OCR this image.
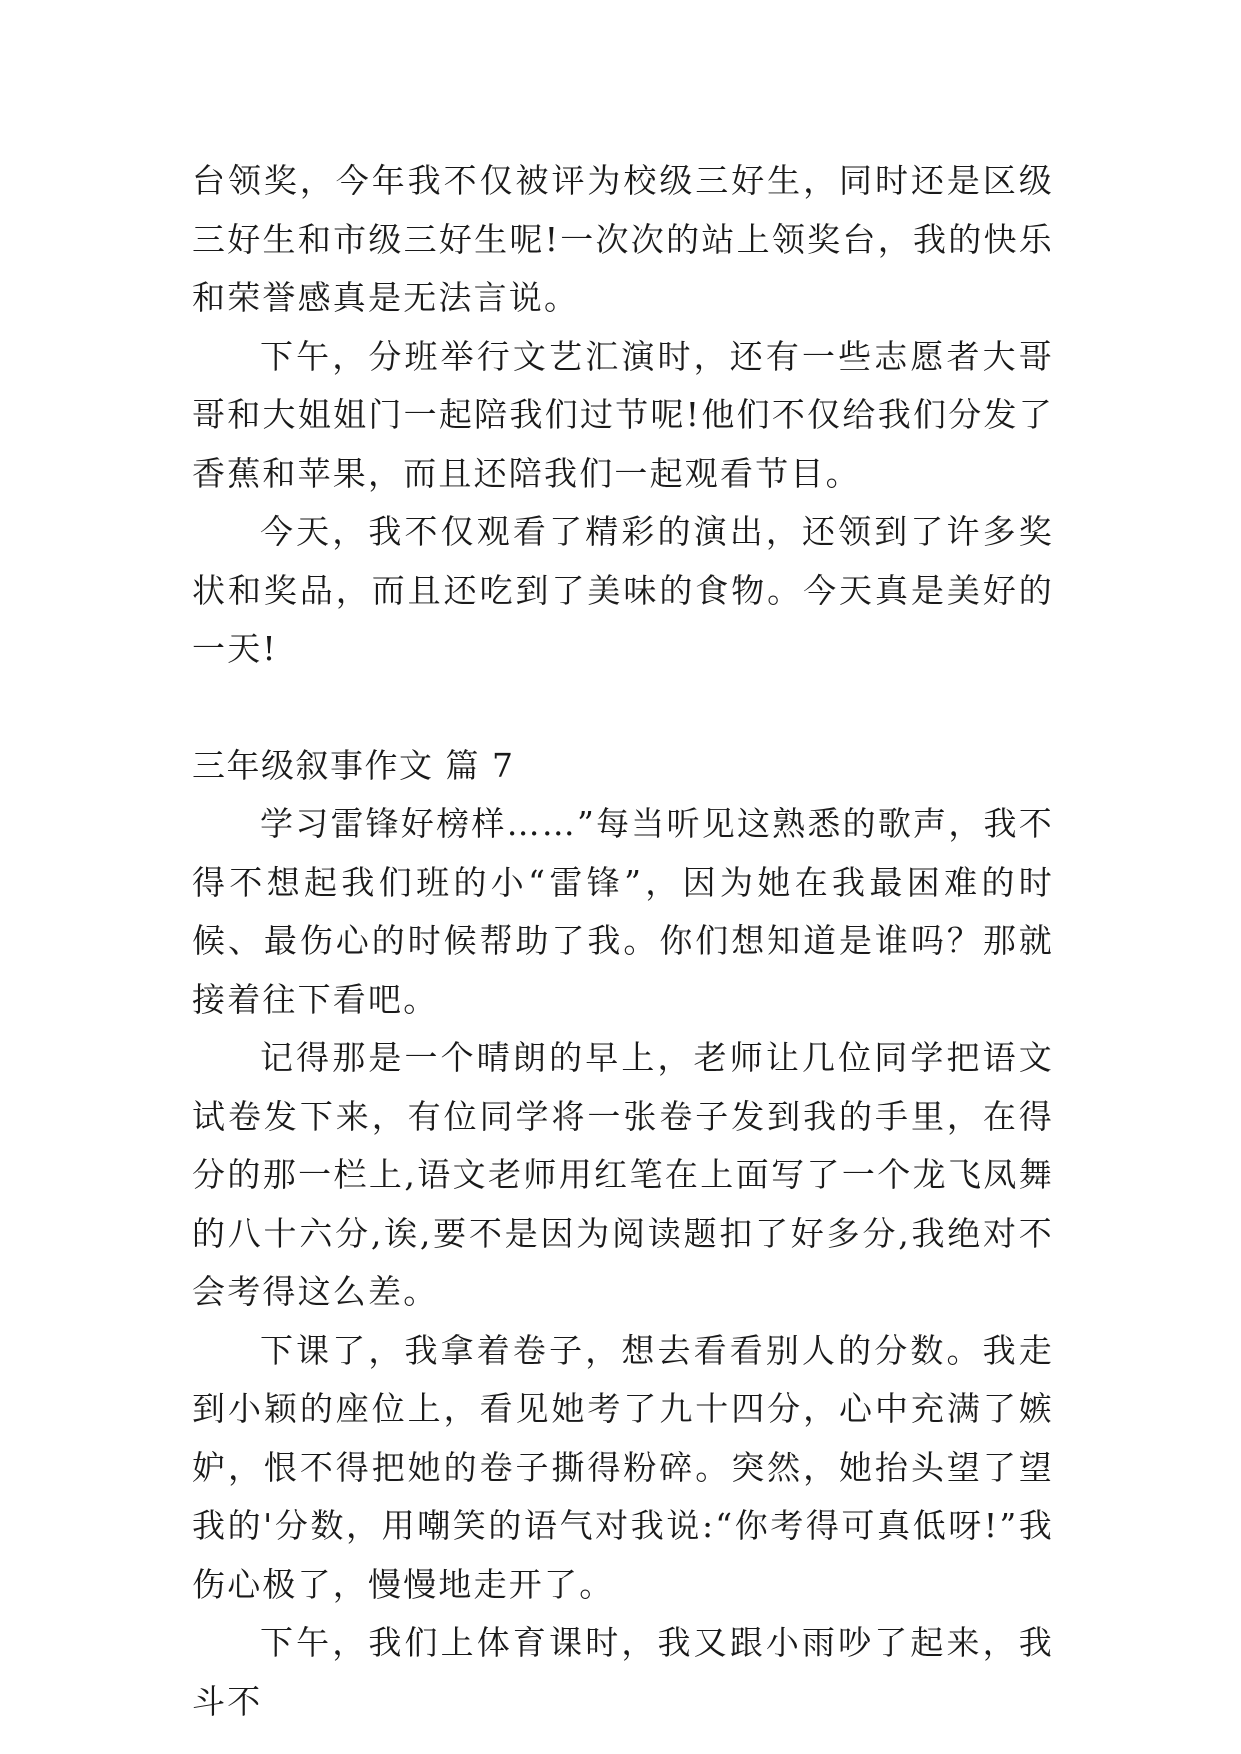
台领奖，今年我不仅被评为校级三好生，同时还是区级三好生和市级三好生呢!一次次的站上领奖台，我的快乐和荣誉感真是无法言说。

下午，分班举行文艺汇演时，还有一些志愿者大哥哥和大姐姐门一起陪我们过节呢!他们不仅给我们分发了香蕉和苹果，而且还陪我们一起观看节目。

今天，我不仅观看了精彩的演出，还领到了许多奖状和奖品，而且还吃到了美味的食物。今天真是美好的一天!

三年级叙事作文 篇 7

学习雷锋好榜样……”每当听见这熟悉的歌声，我不得不想起我们班的小“雷锋”，因为她在我最困难的时候、最伤心的时候帮助了我。你们想知道是谁吗？那就接着往下看吧。

记得那是一个晴朗的早上，老师让几位同学把语文试卷发下来，有位同学将一张卷子发到我的手里，在得分的那一栏上,语文老师用红笔在上面写了一个龙飞凤舞的八十六分,诶,要不是因为阅读题扣了好多分,我绝对不会考得这么差。

下课了，我拿着卷子，想去看看别人的分数。我走到小颖的座位上，看见她考了九十四分，心中充满了嫉妒，恨不得把她的卷子撕得粉碎。突然，她抬头望了望我的'分数，用嘲笑的语气对我说:“你考得可真低呀!”我伤心极了，慢慢地走开了。

下午，我们上体育课时，我又跟小雨吵了起来，我斗不
